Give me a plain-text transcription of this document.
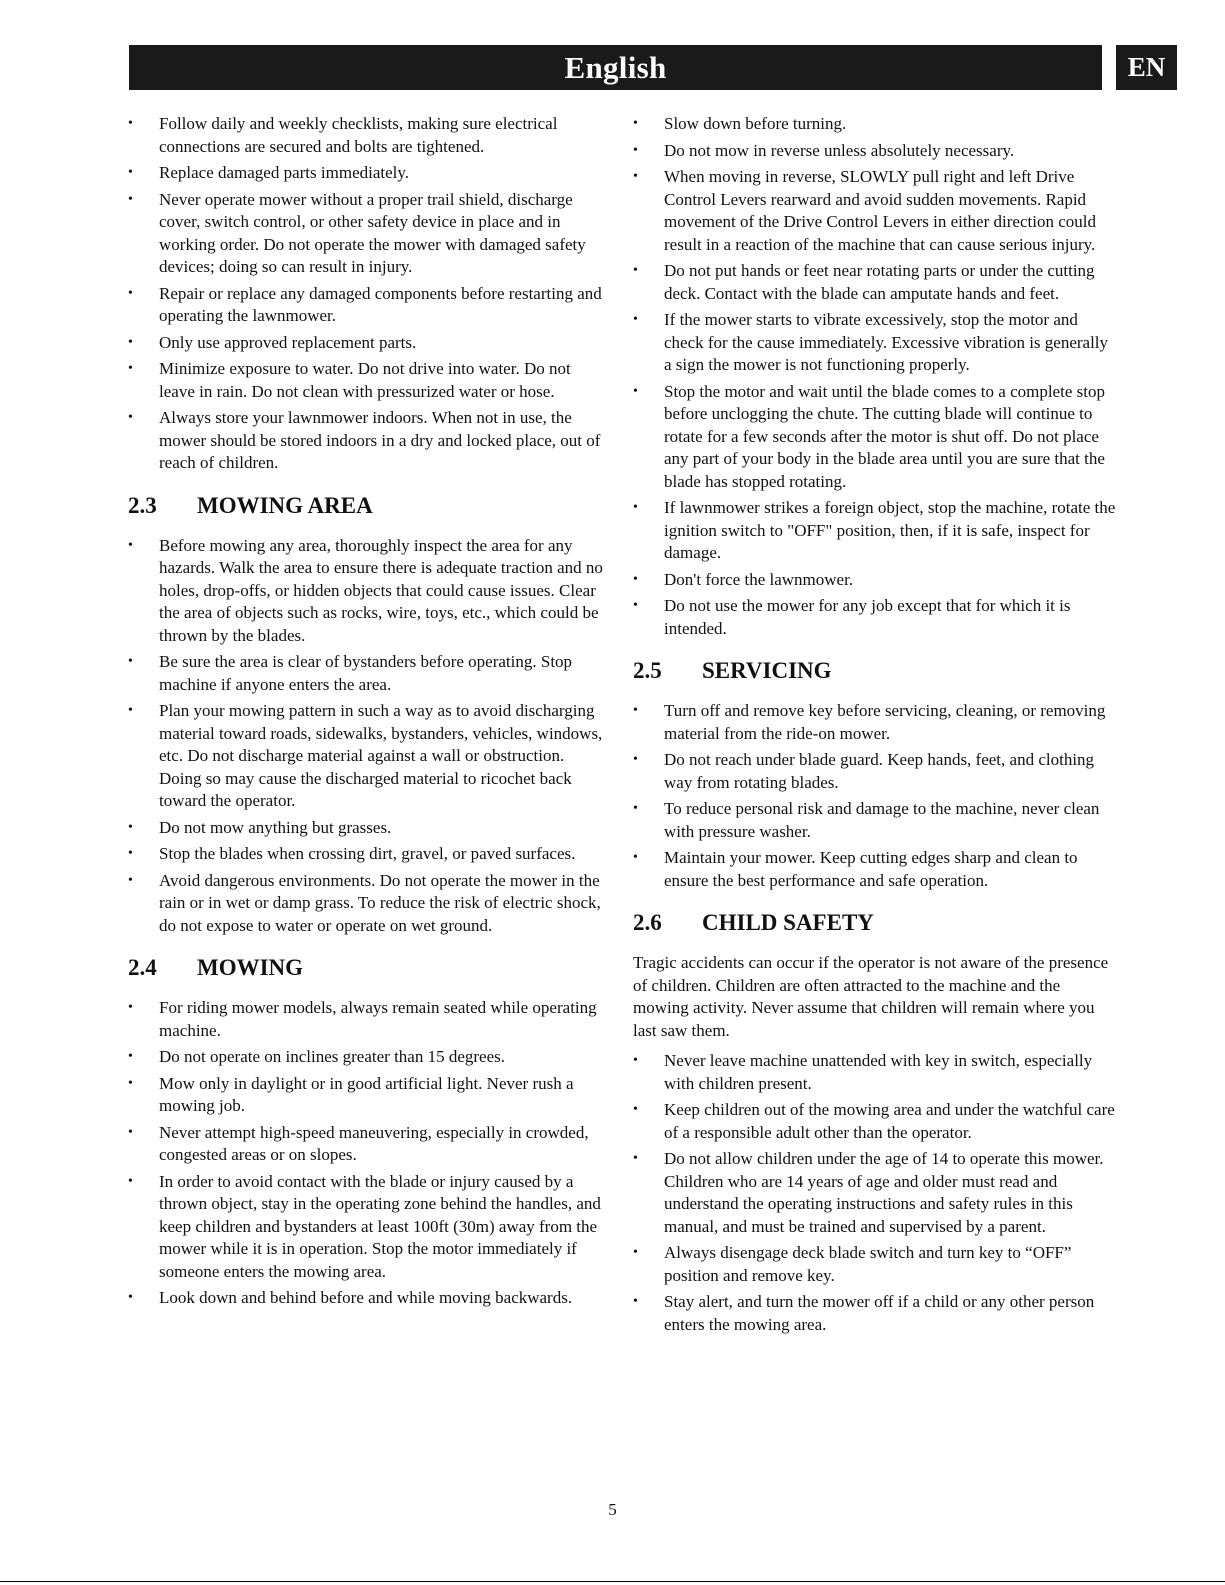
English	EN
• Follow daily and weekly checklists, making sure electrical connections are secured and bolts are tightened.
• Replace damaged parts immediately.
• Never operate mower without a proper trail shield, discharge cover, switch control, or other safety device in place and in working order. Do not operate the mower with damaged safety devices; doing so can result in injury.
• Repair or replace any damaged components before restarting and operating the lawnmower.
• Only use approved replacement parts.
• Minimize exposure to water. Do not drive into water. Do not leave in rain. Do not clean with pressurized water or hose.
• Always store your lawnmower indoors. When not in use, the mower should be stored indoors in a dry and locked place, out of reach of children.
2.3	MOWING AREA
• Before mowing any area, thoroughly inspect the area for any hazards. Walk the area to ensure there is adequate traction and no holes, drop-offs, or hidden objects that could cause issues. Clear the area of objects such as rocks, wire, toys, etc., which could be thrown by the blades.
• Be sure the area is clear of bystanders before operating. Stop machine if anyone enters the area.
• Plan your mowing pattern in such a way as to avoid discharging material toward roads, sidewalks, bystanders, vehicles, windows, etc. Do not discharge material against a wall or obstruction. Doing so may cause the discharged material to ricochet back toward the operator.
• Do not mow anything but grasses.
• Stop the blades when crossing dirt, gravel, or paved surfaces.
• Avoid dangerous environments. Do not operate the mower in the rain or in wet or damp grass. To reduce the risk of electric shock, do not expose to water or operate on wet ground.
2.4	MOWING
• For riding mower models, always remain seated while operating machine.
• Do not operate on inclines greater than 15 degrees.
• Mow only in daylight or in good artificial light. Never rush a mowing job.
• Never attempt high-speed maneuvering, especially in crowded, congested areas or on slopes.
• In order to avoid contact with the blade or injury caused by a thrown object, stay in the operating zone behind the handles, and keep children and bystanders at least 100ft (30m) away from the mower while it is in operation. Stop the motor immediately if someone enters the mowing area.
• Look down and behind before and while moving backwards.
• Slow down before turning.
• Do not mow in reverse unless absolutely necessary.
• When moving in reverse, SLOWLY pull right and left Drive Control Levers rearward and avoid sudden movements. Rapid movement of the Drive Control Levers in either direction could result in a reaction of the machine that can cause serious injury.
• Do not put hands or feet near rotating parts or under the cutting deck. Contact with the blade can amputate hands and feet.
• If the mower starts to vibrate excessively, stop the motor and check for the cause immediately. Excessive vibration is generally a sign the mower is not functioning properly.
• Stop the motor and wait until the blade comes to a complete stop before unclogging the chute. The cutting blade will continue to rotate for a few seconds after the motor is shut off. Do not place any part of your body in the blade area until you are sure that the blade has stopped rotating.
• If lawnmower strikes a foreign object, stop the machine, rotate the ignition switch to "OFF" position, then, if it is safe, inspect for damage.
• Don't force the lawnmower.
• Do not use the mower for any job except that for which it is intended.
2.5	SERVICING
• Turn off and remove key before servicing, cleaning, or removing material from the ride-on mower.
• Do not reach under blade guard. Keep hands, feet, and clothing way from rotating blades.
• To reduce personal risk and damage to the machine, never clean with pressure washer.
• Maintain your mower. Keep cutting edges sharp and clean to ensure the best performance and safe operation.
2.6	CHILD SAFETY

Tragic accidents can occur if the operator is not aware of the presence of children. Children are often attracted to the machine and the mowing activity. Never assume that children will remain where you last saw them.

• Never leave machine unattended with key in switch, especially with children present.
• Keep children out of the mowing area and under the watchful care of a responsible adult other than the operator.
• Do not allow children under the age of 14 to operate this mower. Children who are 14 years of age and older must read and understand the operating instructions and safety rules in this manual, and must be trained and supervised by a parent.
• Always disengage deck blade switch and turn key to “OFF” position and remove key.
• Stay alert, and turn the mower off if a child or any other person enters the mowing area.
5
